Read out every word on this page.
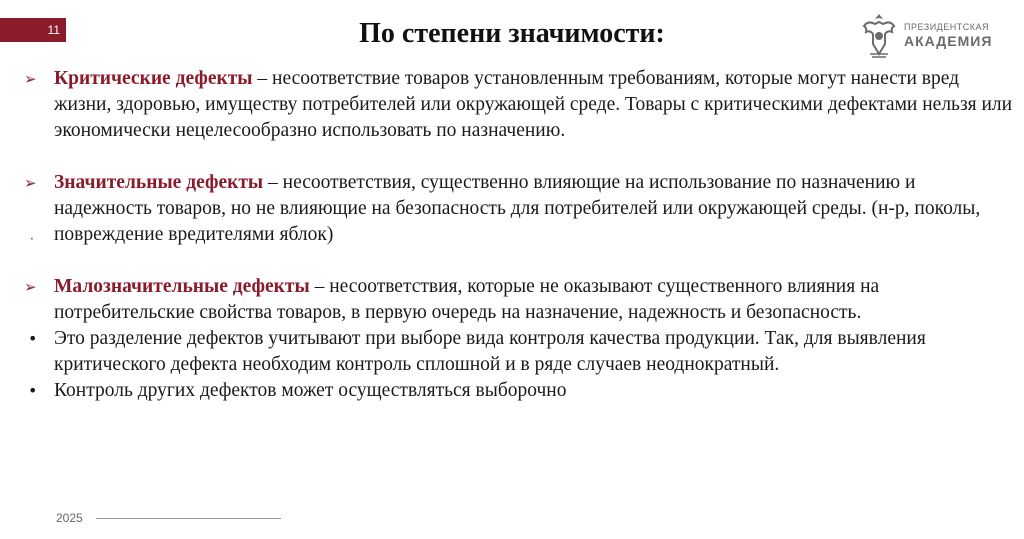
11	По степени значимости:	ПРЕЗИДЕНТСКАЯ
АКАДЕМИЯ
➢ Критические дефекты – несоответствие товаров установленным требованиям, которые могут нанести вред жизни, здоровью, имуществу потребителей или окружающей среде. Товары с критическими дефектами нельзя или экономически нецелесообразно использовать по назначению.
➢ Значительные дефекты – несоответствия, существенно влияющие на использование по назначению и надежность товаров, но не влияющие на безопасность для потребителей или окружающей среды. (н-р, поколы, повреждение вредителями яблок)
➢ Малозначительные дефекты – несоответствия, которые не оказывают существенного влияния на потребительские свойства товаров, в первую очередь на назначение, надежность и безопасность.
• Это разделение дефектов учитывают при выборе вида контроля качества продукции. Так, для выявления критического дефекта необходим контроль сплошной и в ряде случаев неоднократный.
• Контроль других дефектов может осуществляться выборочно
·
2025
